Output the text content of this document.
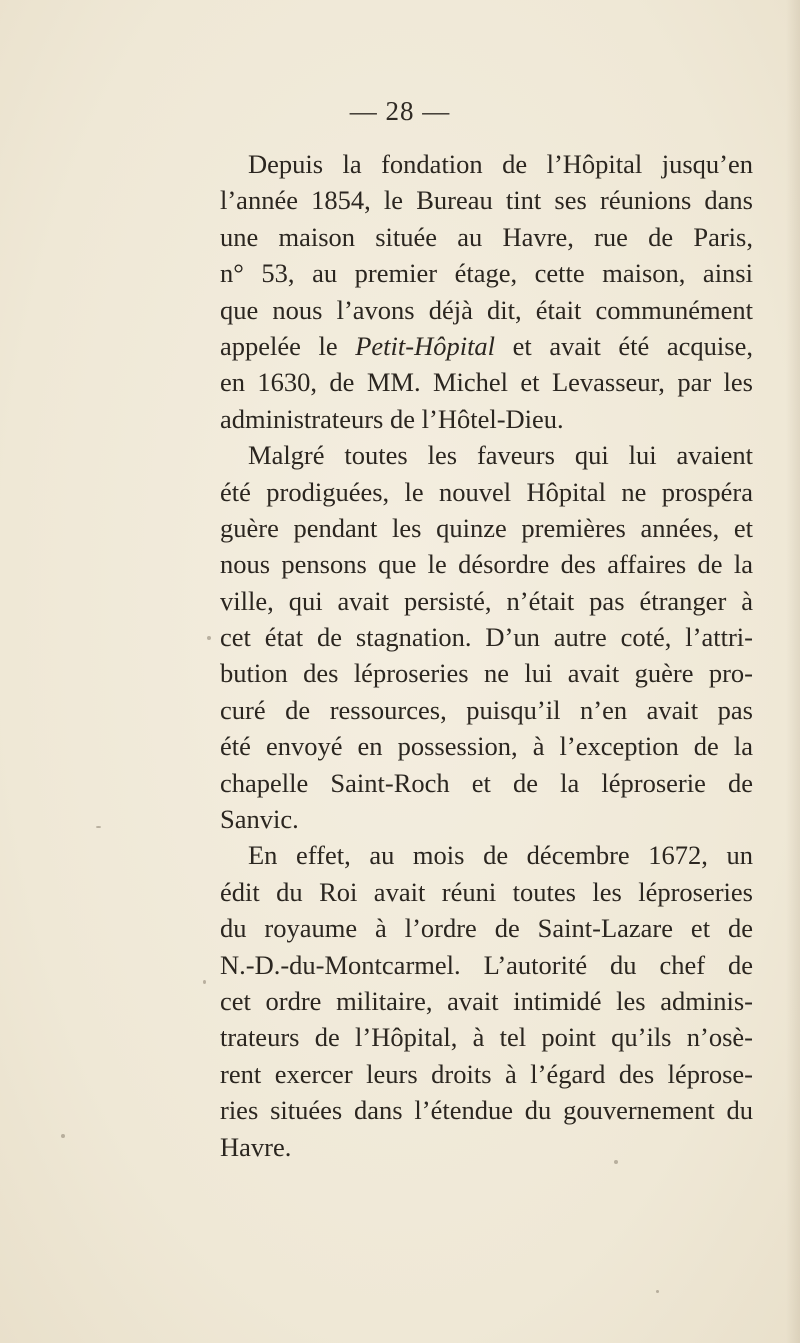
— 28 —
Depuis la fondation de l’Hôpital jusqu’en
l’année 1854, le Bureau tint ses réunions dans
une maison située au Havre, rue de Paris,
n° 53, au premier étage, cette maison, ainsi
que nous l’avons déjà dit, était communément
appelée le Petit-Hôpital et avait été acquise,
en 1630, de MM. Michel et Levasseur, par les
administrateurs de l’Hôtel-Dieu.
Malgré toutes les faveurs qui lui avaient
été prodiguées, le nouvel Hôpital ne prospéra
guère pendant les quinze premières années, et
nous pensons que le désordre des affaires de la
ville, qui avait persisté, n’était pas étranger à
cet état de stagnation. D’un autre coté, l’attri-
bution des léproseries ne lui avait guère pro-
curé de ressources, puisqu’il n’en avait pas
été envoyé en possession, à l’exception de la
chapelle Saint-Roch et de la léproserie de
Sanvic.
En effet, au mois de décembre 1672, un
édit du Roi avait réuni toutes les léproseries
du royaume à l’ordre de Saint-Lazare et de
N.-D.-du-Montcarmel. L’autorité du chef de
cet ordre militaire, avait intimidé les adminis-
trateurs de l’Hôpital, à tel point qu’ils n’osè-
rent exercer leurs droits à l’égard des léprose-
ries situées dans l’étendue du gouvernement du
Havre.
